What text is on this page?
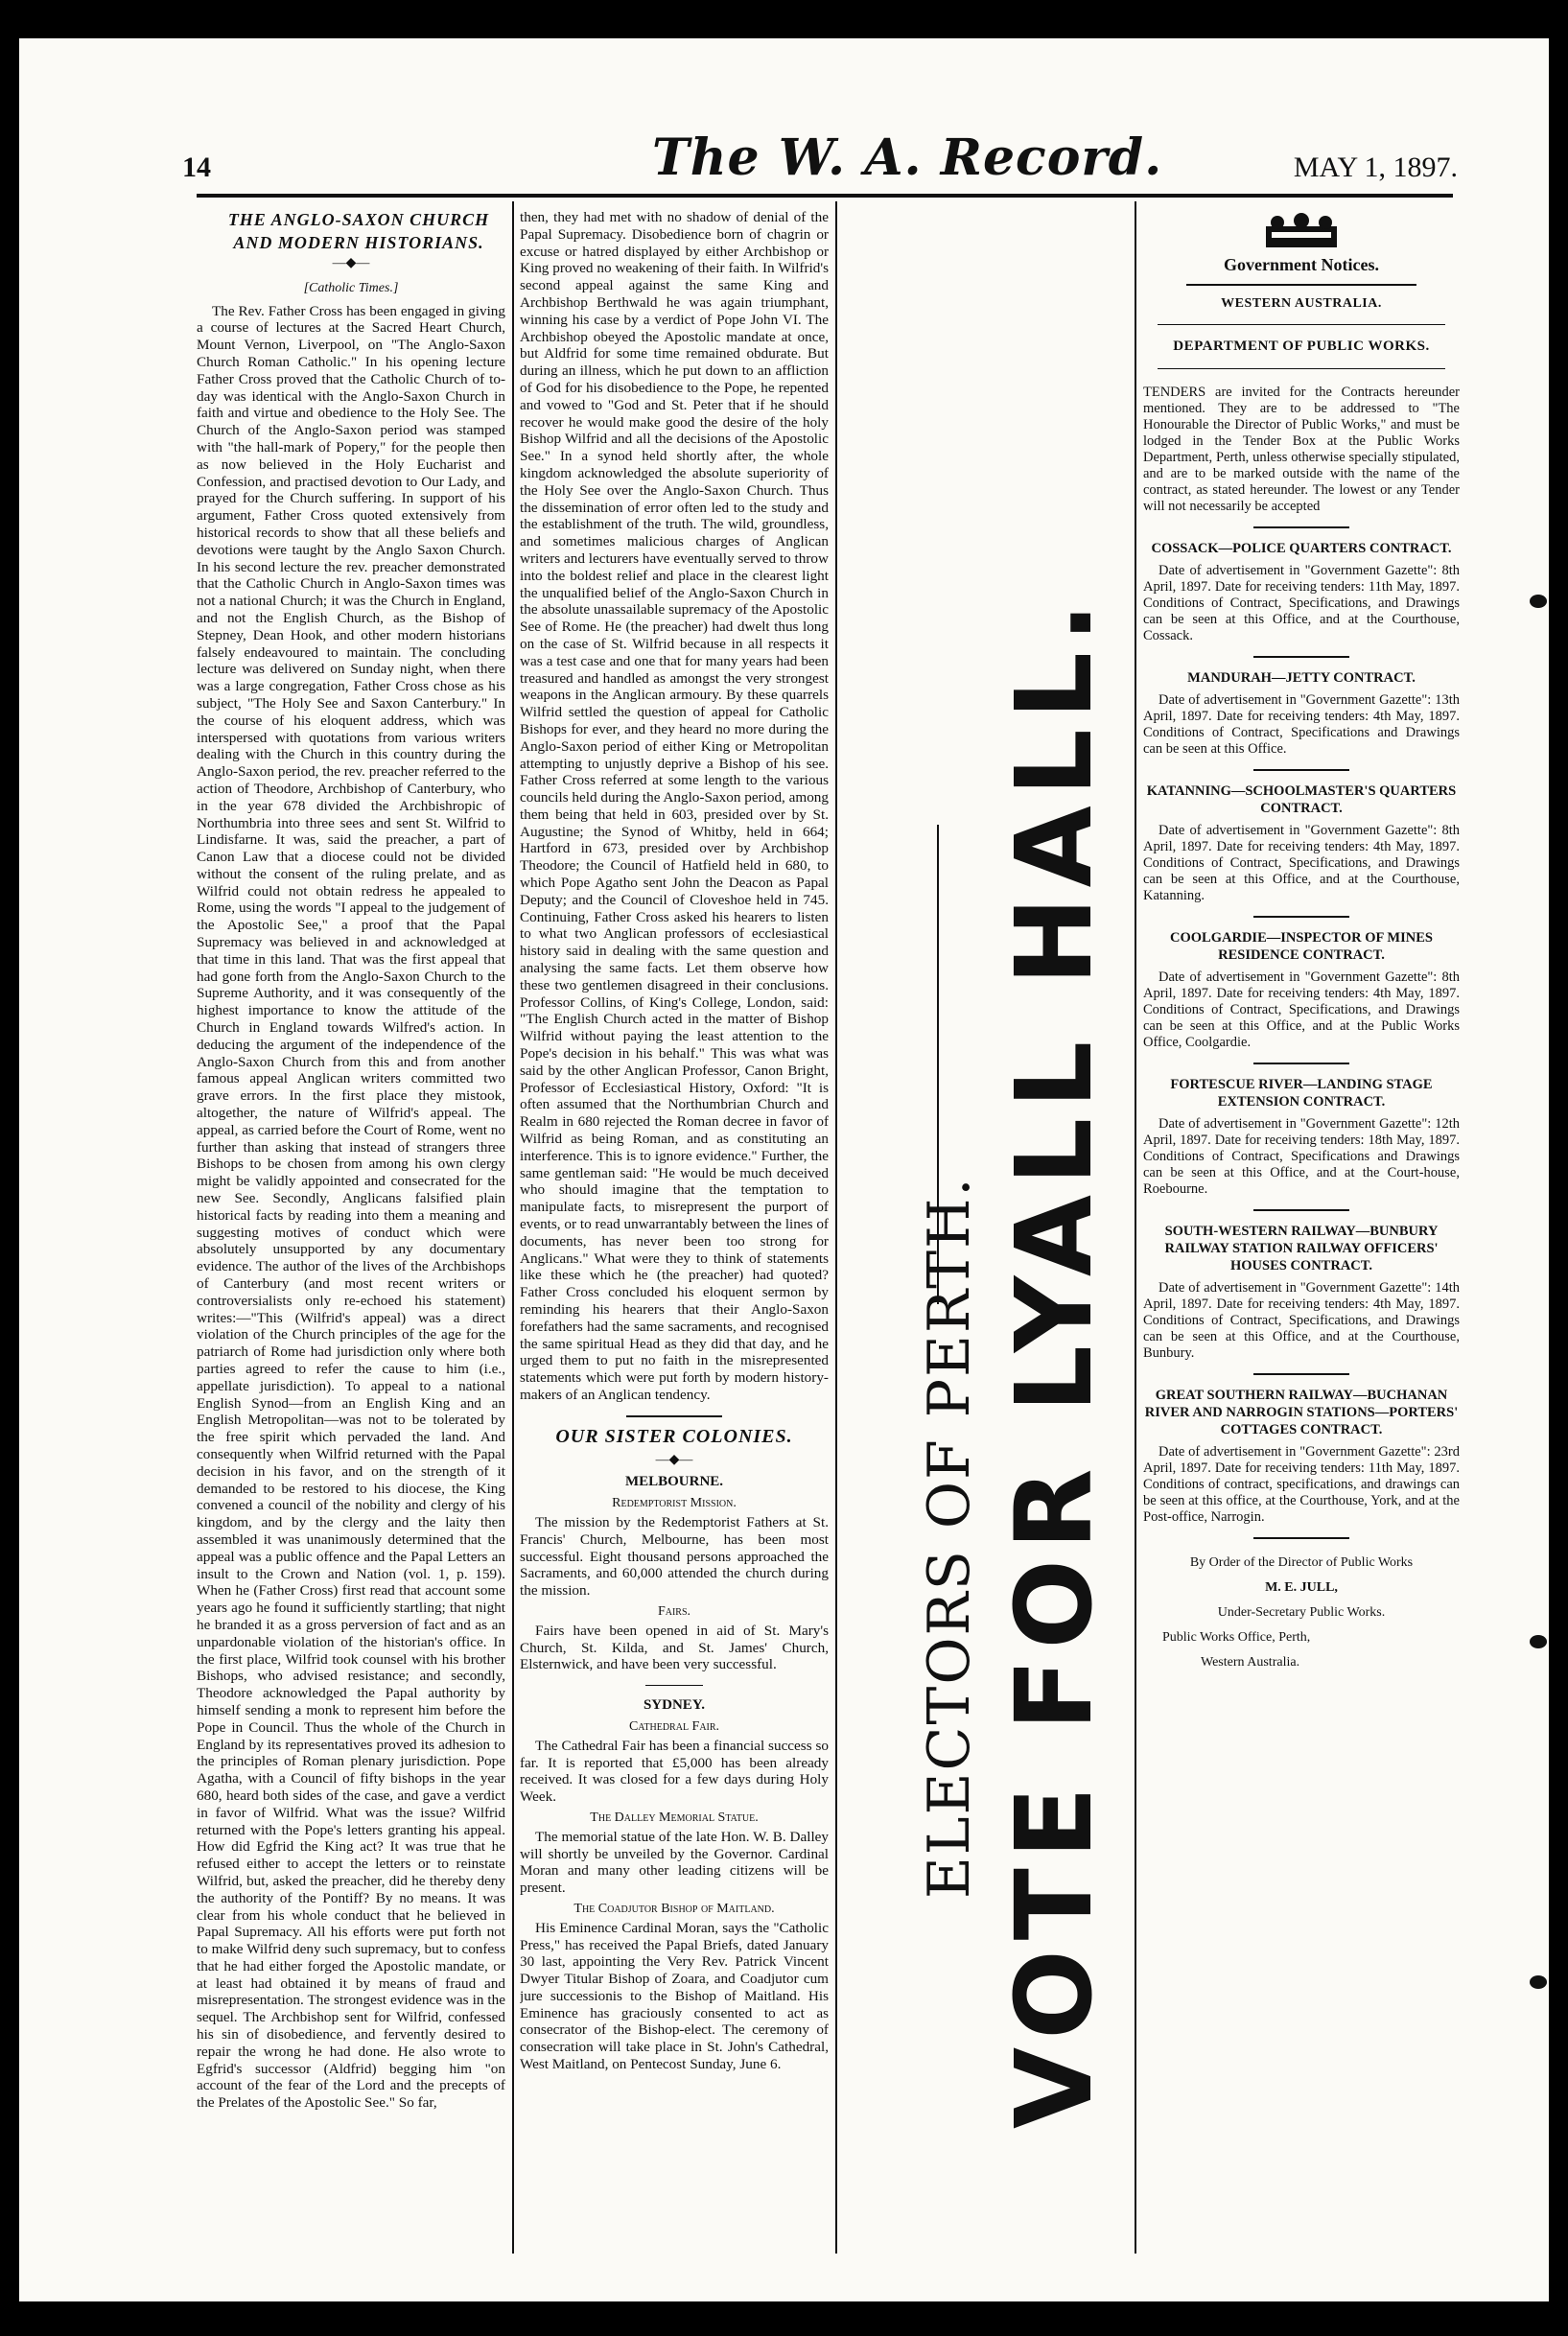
14	The W. A. Record.	MAY 1, 1897.

THE ANGLO-SAXON CHURCH

AND MODERN HISTORIANS.

―◆―
[Catholic Times.]

The Rev. Father Cross has been engaged in giving a course of lectures at the Sacred Heart Church, Mount Vernon, Liverpool, on "The Anglo-Saxon Church Roman Catholic." In his opening lecture Father Cross proved that the Catholic Church of to-day was identical with the Anglo-Saxon Church in faith and virtue and obedience to the Holy See. The Church of the Anglo-Saxon period was stamped with "the hall-mark of Popery," for the people then as now believed in the Holy Eucharist and Confession, and practised devotion to Our Lady, and prayed for the Church suffering. In support of his argument, Father Cross quoted extensively from historical records to show that all these beliefs and devotions were taught by the Anglo Saxon Church. In his second lecture the rev. preacher demonstrated that the Catholic Church in Anglo-Saxon times was not a national Church; it was the Church in England, and not the English Church, as the Bishop of Stepney, Dean Hook, and other modern historians falsely endeavoured to maintain. The concluding lecture was delivered on Sunday night, when there was a large congregation, Father Cross chose as his subject, "The Holy See and Saxon Canterbury." In the course of his eloquent address, which was interspersed with quotations from various writers dealing with the Church in this country during the Anglo-Saxon period, the rev. preacher referred to the action of Theodore, Archbishop of Canterbury, who in the year 678 divided the Archbishropic of Northumbria into three sees and sent St. Wilfrid to Lindisfarne. It was, said the preacher, a part of Canon Law that a diocese could not be divided without the consent of the ruling prelate, and as Wilfrid could not obtain redress he appealed to Rome, using the words "I appeal to the judgement of the Apostolic See," a proof that the Papal Supremacy was believed in and acknowledged at that time in this land. That was the first appeal that had gone forth from the Anglo-Saxon Church to the Supreme Authority, and it was consequently of the highest importance to know the attitude of the Church in England towards Wilfred's action. In deducing the argument of the independence of the Anglo-Saxon Church from this and from another famous appeal Anglican writers committed two grave errors. In the first place they mistook, altogether, the nature of Wilfrid's appeal. The appeal, as carried before the Court of Rome, went no further than asking that instead of strangers three Bishops to be chosen from among his own clergy might be validly appointed and consecrated for the new See. Secondly, Anglicans falsified plain historical facts by reading into them a meaning and suggesting motives of conduct which were absolutely unsupported by any documentary evidence. The author of the lives of the Archbishops of Canterbury (and most recent writers or controversialists only re-echoed his statement) writes:—"This (Wilfrid's appeal) was a direct violation of the Church principles of the age for the patriarch of Rome had jurisdiction only where both parties agreed to refer the cause to him (i.e., appellate jurisdiction). To appeal to a national English Synod—from an English King and an English Metropolitan—was not to be tolerated by the free spirit which pervaded the land. And consequently when Wilfrid returned with the Papal decision in his favor, and on the strength of it demanded to be restored to his diocese, the King convened a council of the nobility and clergy of his kingdom, and by the clergy and the laity then assembled it was unanimously determined that the appeal was a public offence and the Papal Letters an insult to the Crown and Nation (vol. 1, p. 159). When he (Father Cross) first read that account some years ago he found it sufficiently startling; that night he branded it as a gross perversion of fact and as an unpardonable violation of the historian's office. In the first place, Wilfrid took counsel with his brother Bishops, who advised resistance; and secondly, Theodore acknowledged the Papal authority by himself sending a monk to represent him before the Pope in Council. Thus the whole of the Church in England by its representatives proved its adhesion to the principles of Roman plenary jurisdiction. Pope Agatha, with a Council of fifty bishops in the year 680, heard both sides of the case, and gave a verdict in favor of Wilfrid. What was the issue? Wilfrid returned with the Pope's letters granting his appeal. How did Egfrid the King act? It was true that he refused either to accept the letters or to reinstate Wilfrid, but, asked the preacher, did he thereby deny the authority of the Pontiff? By no means. It was clear from his whole conduct that he believed in Papal Supremacy. All his efforts were put forth not to make Wilfrid deny such supremacy, but to confess that he had either forged the Apostolic mandate, or at least had obtained it by means of fraud and misrepresentation. The strongest evidence was in the sequel. The Archbishop sent for Wilfrid, confessed his sin of disobedience, and fervently desired to repair the wrong he had done. He also wrote to Egfrid's successor (Aldfrid) begging him "on account of the fear of the Lord and the precepts of the Prelates of the Apostolic See." So far,

then, they had met with no shadow of denial of the Papal Supremacy. Disobedience born of chagrin or excuse or hatred displayed by either Archbishop or King proved no weakening of their faith. In Wilfrid's second appeal against the same King and Archbishop Berthwald he was again triumphant, winning his case by a verdict of Pope John VI. The Archbishop obeyed the Apostolic mandate at once, but Aldfrid for some time remained obdurate. But during an illness, which he put down to an affliction of God for his disobedience to the Pope, he repented and vowed to "God and St. Peter that if he should recover he would make good the desire of the holy Bishop Wilfrid and all the decisions of the Apostolic See." In a synod held shortly after, the whole kingdom acknowledged the absolute superiority of the Holy See over the Anglo-Saxon Church. Thus the dissemination of error often led to the study and the establishment of the truth. The wild, groundless, and sometimes malicious charges of Anglican writers and lecturers have eventually served to throw into the boldest relief and place in the clearest light the unqualified belief of the Anglo-Saxon Church in the absolute unassailable supremacy of the Apostolic See of Rome. He (the preacher) had dwelt thus long on the case of St. Wilfrid because in all respects it was a test case and one that for many years had been treasured and handled as amongst the very strongest weapons in the Anglican armoury. By these quarrels Wilfrid settled the question of appeal for Catholic Bishops for ever, and they heard no more during the Anglo-Saxon period of either King or Metropolitan attempting to unjustly deprive a Bishop of his see. Father Cross referred at some length to the various councils held during the Anglo-Saxon period, among them being that held in 603, presided over by St. Augustine; the Synod of Whitby, held in 664; Hartford in 673, presided over by Archbishop Theodore; the Council of Hatfield held in 680, to which Pope Agatho sent John the Deacon as Papal Deputy; and the Council of Cloveshoe held in 745. Continuing, Father Cross asked his hearers to listen to what two Anglican professors of ecclesiastical history said in dealing with the same question and analysing the same facts. Let them observe how these two gentlemen disagreed in their conclusions. Professor Collins, of King's College, London, said: "The English Church acted in the matter of Bishop Wilfrid without paying the least attention to the Pope's decision in his behalf." This was what was said by the other Anglican Professor, Canon Bright, Professor of Ecclesiastical History, Oxford: "It is often assumed that the Northumbrian Church and Realm in 680 rejected the Roman decree in favor of Wilfrid as being Roman, and as constituting an interference. This is to ignore evidence." Further, the same gentleman said: "He would be much deceived who should imagine that the temptation to manipulate facts, to misrepresent the purport of events, or to read unwarrantably between the lines of documents, has never been too strong for Anglicans." What were they to think of statements like these which he (the preacher) had quoted? Father Cross concluded his eloquent sermon by reminding his hearers that their Anglo-Saxon forefathers had the same sacraments, and recognised the same spiritual Head as they did that day, and he urged them to put no faith in the misrepresented statements which were put forth by modern history-makers of an Anglican tendency.

OUR SISTER COLONIES.
―◆―
MELBOURNE.
Redemptorist Mission.

The mission by the Redemptorist Fathers at St. Francis' Church, Melbourne, has been most successful. Eight thousand persons approached the Sacraments, and 60,000 attended the church during the mission.

Fairs.

Fairs have been opened in aid of St. Mary's Church, St. Kilda, and St. James' Church, Elsternwick, and have been very successful.

SYDNEY.
Cathedral Fair.

The Cathedral Fair has been a financial success so far. It is reported that £5,000 has been already received. It was closed for a few days during Holy Week.

The Dalley Memorial Statue.

The memorial statue of the late Hon. W. B. Dalley will shortly be unveiled by the Governor. Cardinal Moran and many other leading citizens will be present.

The Coadjutor Bishop of Maitland.

His Eminence Cardinal Moran, says the "Catholic Press," has received the Papal Briefs, dated January 30 last, appointing the Very Rev. Patrick Vincent Dwyer Titular Bishop of Zoara, and Coadjutor cum jure successionis to the Bishop of Maitland. His Eminence has graciously consented to act as consecrator of the Bishop-elect. The ceremony of consecration will take place in St. John's Cathedral, West Maitland, on Pentecost Sunday, June 6.

ELECTORS OF PERTH. VOTE FOR LYALL HALL.
Government Notices.
WESTERN AUSTRALIA.
DEPARTMENT OF PUBLIC WORKS.

TENDERS are invited for the Contracts hereunder mentioned. They are to be addressed to "The Honourable the Director of Public Works," and must be lodged in the Tender Box at the Public Works Department, Perth, unless otherwise specially stipulated, and are to be marked outside with the name of the contract, as stated hereunder. The lowest or any Tender will not necessarily be accepted

COSSACK—POLICE QUARTERS CONTRACT.

Date of advertisement in "Government Gazette": 8th April, 1897. Date for receiving tenders: 11th May, 1897. Conditions of Contract, Specifications, and Drawings can be seen at this Office, and at the Courthouse, Cossack.

MANDURAH—JETTY CONTRACT.

Date of advertisement in "Government Gazette": 13th April, 1897. Date for receiving tenders: 4th May, 1897. Conditions of Contract, Specifications and Drawings can be seen at this Office.

KATANNING—SCHOOLMASTER'S QUARTERS CONTRACT.

Date of advertisement in "Government Gazette": 8th April, 1897. Date for receiving tenders: 4th May, 1897. Conditions of Contract, Specifications, and Drawings can be seen at this Office, and at the Courthouse, Katanning.

COOLGARDIE—INSPECTOR OF MINES RESIDENCE CONTRACT.

Date of advertisement in "Government Gazette": 8th April, 1897. Date for receiving tenders: 4th May, 1897. Conditions of Contract, Specifications, and Drawings can be seen at this Office, and at the Public Works Office, Coolgardie.

FORTESCUE RIVER—LANDING STAGE EXTENSION CONTRACT.

Date of advertisement in "Government Gazette": 12th April, 1897. Date for receiving tenders: 18th May, 1897. Conditions of Contract, Specifications and Drawings can be seen at this Office, and at the Court-house, Roebourne.

SOUTH-WESTERN RAILWAY—BUNBURY RAILWAY STATION RAILWAY OFFICERS' HOUSES CONTRACT.

Date of advertisement in "Government Gazette": 14th April, 1897. Date for receiving tenders: 4th May, 1897. Conditions of Contract, Specifications, and Drawings can be seen at this Office, and at the Courthouse, Bunbury.

GREAT SOUTHERN RAILWAY—BUCHANAN RIVER AND NARROGIN STATIONS—PORTERS' COTTAGES CONTRACT.

Date of advertisement in "Government Gazette": 23rd April, 1897. Date for receiving tenders: 11th May, 1897. Conditions of contract, specifications, and drawings can be seen at this office, at the Courthouse, York, and at the Post-office, Narrogin.

By Order of the Director of Public Works
M. E. JULL,
Under-Secretary Public Works.
Public Works Office, Perth,
Western Australia.
